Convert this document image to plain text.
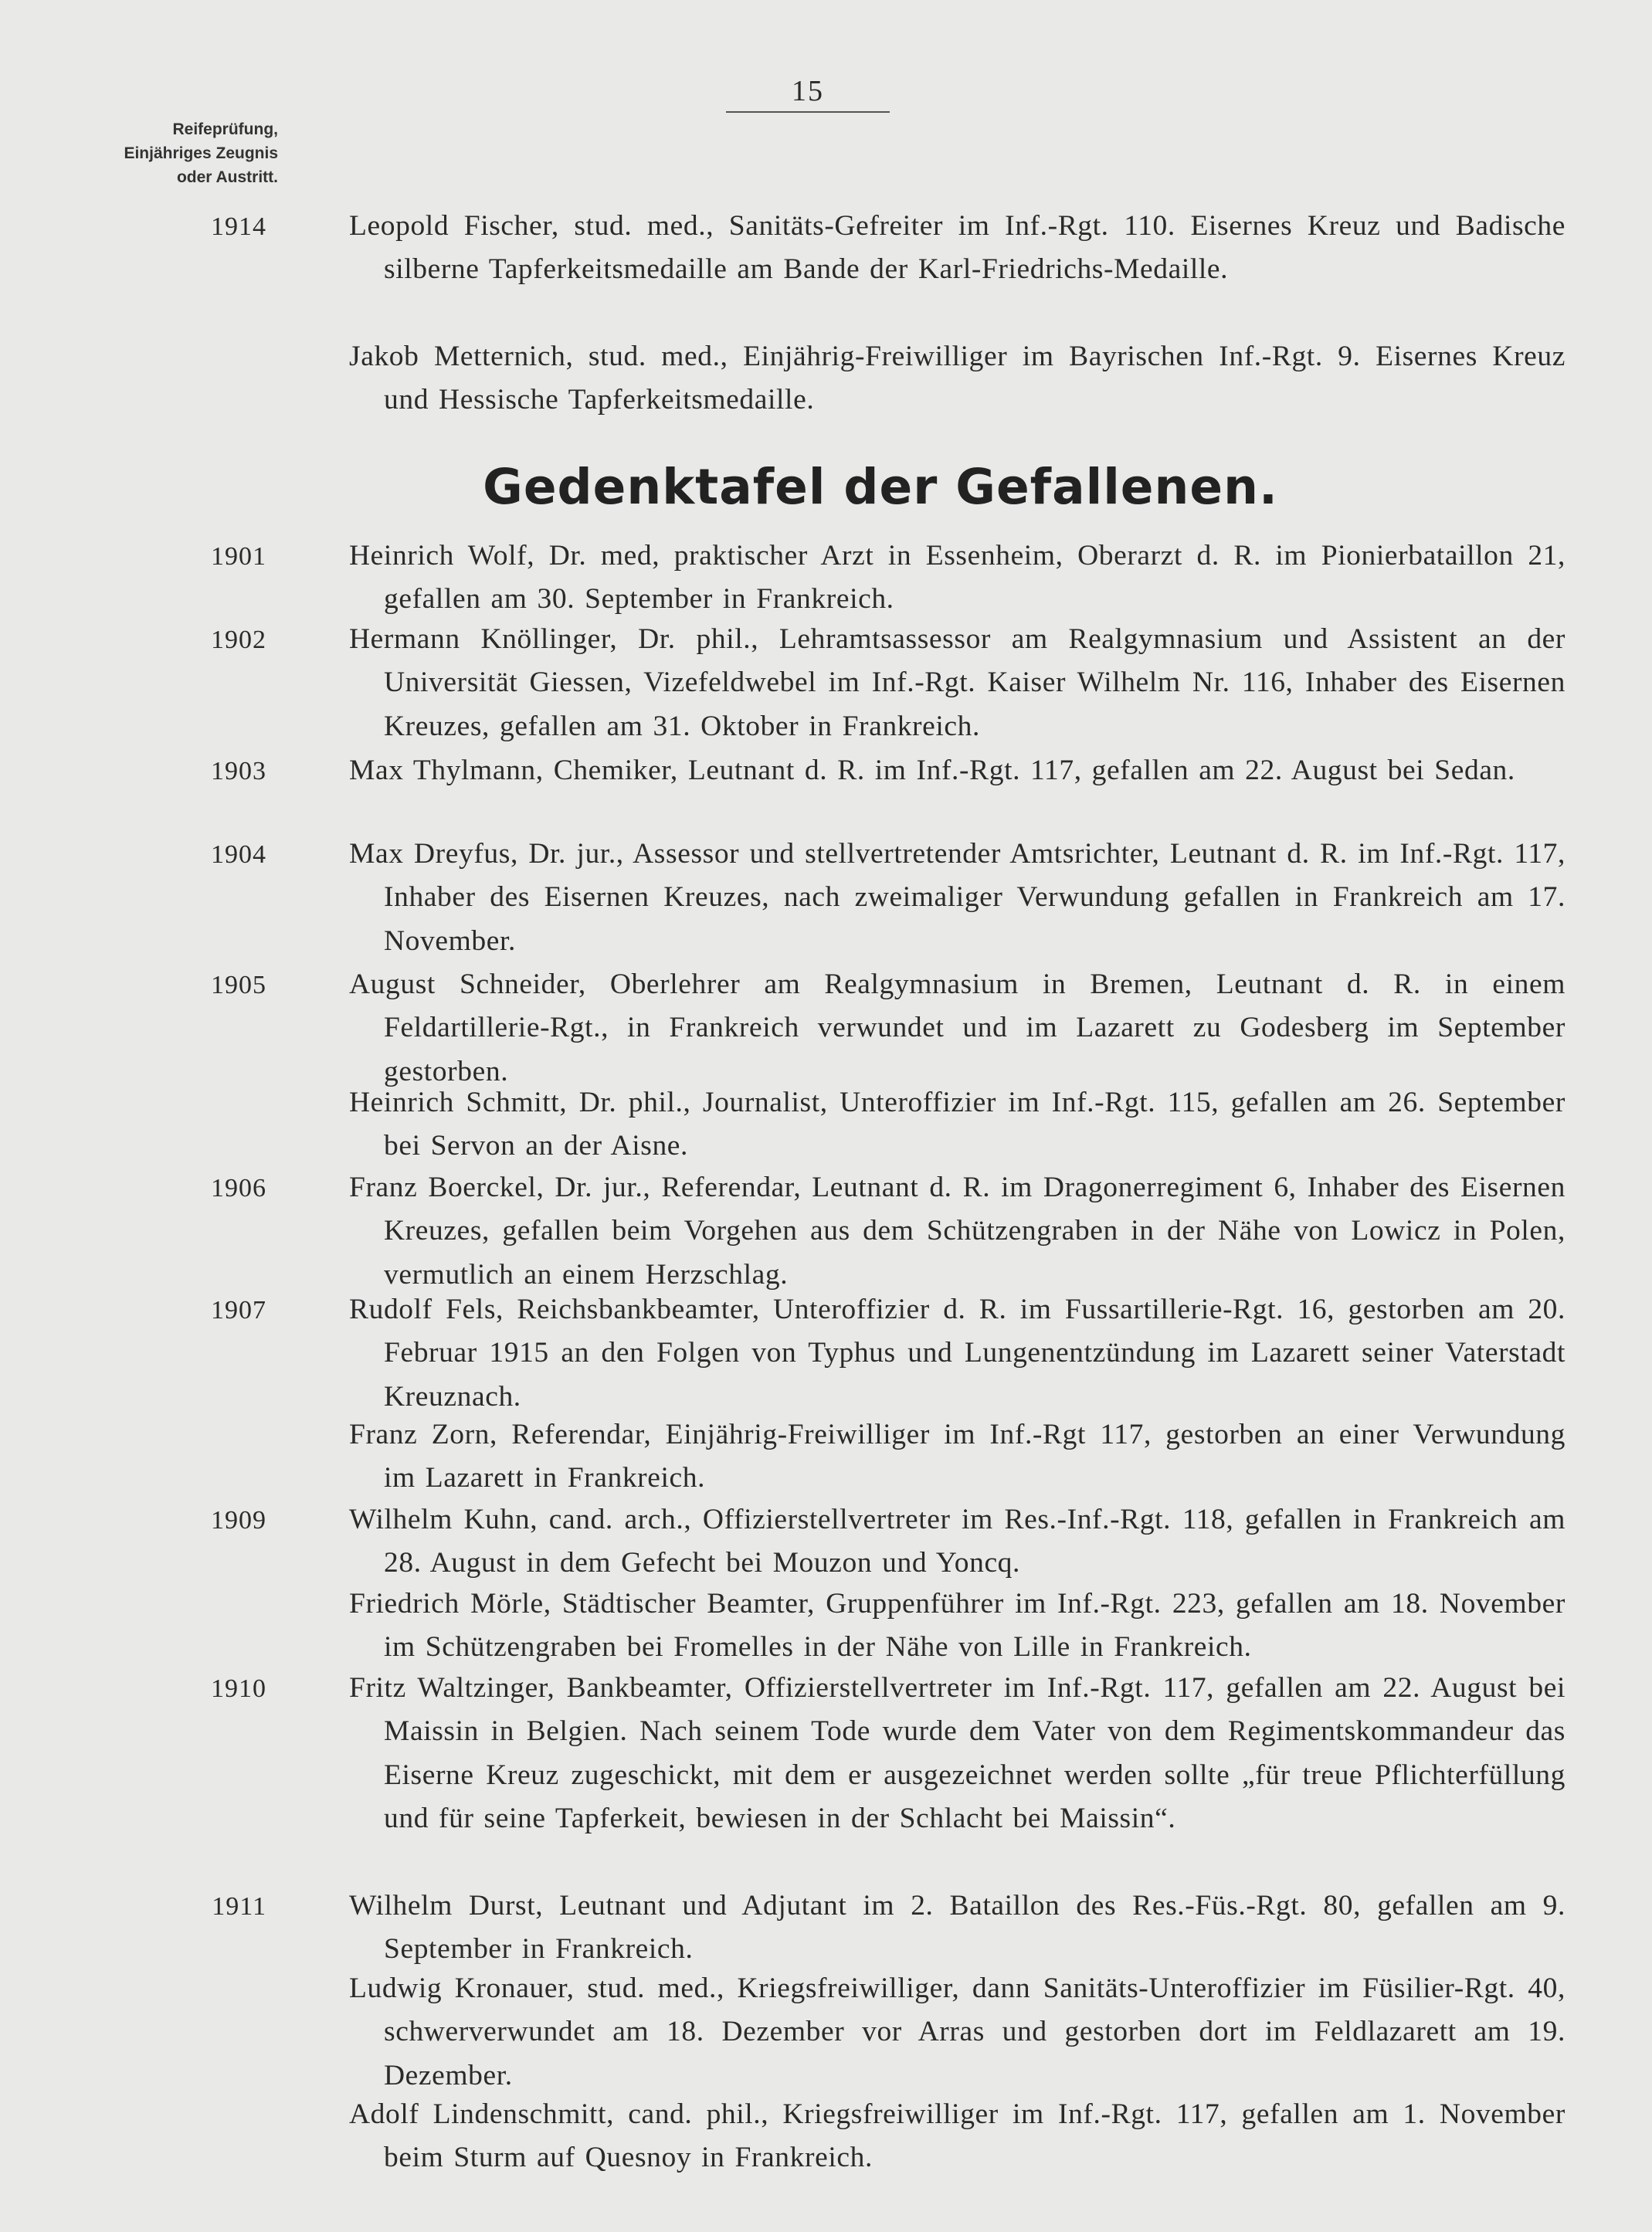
15
Reifeprüfung,
Einjähriges Zeugnis
oder Austritt.
1914	Leopold Fischer, stud. med., Sanitäts-Gefreiter im Inf.-Rgt. 110. Eisernes Kreuz und Badische silberne Tapferkeitsmedaille am Bande der Karl-Friedrichs-Medaille.
Jakob Metternich, stud. med., Einjährig-Freiwilliger im Bayrischen Inf.-Rgt. 9. Eisernes Kreuz und Hessische Tapferkeitsmedaille.
Gedenktafel der Gefallenen.
1901	Heinrich Wolf, Dr. med, praktischer Arzt in Essenheim, Oberarzt d. R. im Pionierbataillon 21, gefallen am 30. September in Frankreich.
1902	Hermann Knöllinger, Dr. phil., Lehramtsassessor am Realgymnasium und Assistent an der Universität Giessen, Vizefeldwebel im Inf.-Rgt. Kaiser Wilhelm Nr. 116, Inhaber des Eisernen Kreuzes, gefallen am 31. Oktober in Frankreich.
1903	Max Thylmann, Chemiker, Leutnant d. R. im Inf.-Rgt. 117, gefallen am 22. August bei Sedan.
1904	Max Dreyfus, Dr. jur., Assessor und stellvertretender Amtsrichter, Leutnant d. R. im Inf.-Rgt. 117, Inhaber des Eisernen Kreuzes, nach zweimaliger Verwundung gefallen in Frankreich am 17. November.
1905	August Schneider, Oberlehrer am Realgymnasium in Bremen, Leutnant d. R. in einem Feldartillerie-Rgt., in Frankreich verwundet und im Lazarett zu Godesberg im September gestorben.
Heinrich Schmitt, Dr. phil., Journalist, Unteroffizier im Inf.-Rgt. 115, gefallen am 26. September bei Servon an der Aisne.
1906	Franz Boerckel, Dr. jur., Referendar, Leutnant d. R. im Dragonerregiment 6, Inhaber des Eisernen Kreuzes, gefallen beim Vorgehen aus dem Schützengraben in der Nähe von Lowicz in Polen, vermutlich an einem Herzschlag.
1907	Rudolf Fels, Reichsbankbeamter, Unteroffizier d. R. im Fussartillerie-Rgt. 16, gestorben am 20. Februar 1915 an den Folgen von Typhus und Lungenentzündung im Lazarett seiner Vaterstadt Kreuznach.
Franz Zorn, Referendar, Einjährig-Freiwilliger im Inf.-Rgt 117, gestorben an einer Verwundung im Lazarett in Frankreich.
1909	Wilhelm Kuhn, cand. arch., Offizierstellvertreter im Res.-Inf.-Rgt. 118, gefallen in Frankreich am 28. August in dem Gefecht bei Mouzon und Yoncq.
Friedrich Mörle, Städtischer Beamter, Gruppenführer im Inf.-Rgt. 223, gefallen am 18. November im Schützengraben bei Fromelles in der Nähe von Lille in Frankreich.
1910	Fritz Waltzinger, Bankbeamter, Offizierstellvertreter im Inf.-Rgt. 117, gefallen am 22. August bei Maissin in Belgien. Nach seinem Tode wurde dem Vater von dem Regimentskommandeur das Eiserne Kreuz zugeschickt, mit dem er ausgezeichnet werden sollte „für treue Pflichterfüllung und für seine Tapferkeit, bewiesen in der Schlacht bei Maissin“.
1911	Wilhelm Durst, Leutnant und Adjutant im 2. Bataillon des Res.-Füs.-Rgt. 80, gefallen am 9. September in Frankreich.
Ludwig Kronauer, stud. med., Kriegsfreiwilliger, dann Sanitäts-Unteroffizier im Füsilier-Rgt. 40, schwerverwundet am 18. Dezember vor Arras und gestorben dort im Feldlazarett am 19. Dezember.
Adolf Lindenschmitt, cand. phil., Kriegsfreiwilliger im Inf.-Rgt. 117, gefallen am 1. November beim Sturm auf Quesnoy in Frankreich.
